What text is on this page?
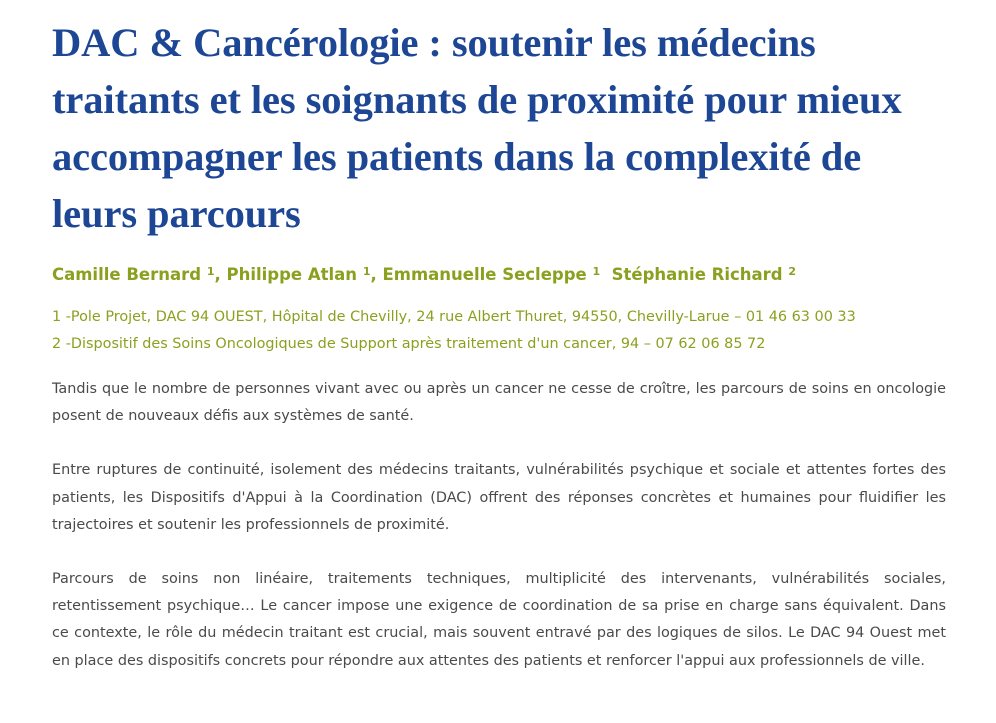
DAC & Cancérologie : soutenir les médecins traitants et les soignants de proximité pour mieux accompagner les patients dans la complexité de leurs parcours
Camille Bernard $^1$, Philippe Atlan $^1$, Emmanuelle Secleppe $^1$ Stéphanie Richard $^2$
1 -Pole Projet, DAC 94 OUEST, Hôpital de Chevilly, 24 rue Albert Thuret, 94550, Chevilly-Larue – 01 46 63 00 33
2 -Dispositif des Soins Oncologiques de Support après traitement d'un cancer, 94 – 07 62 06 85 72

Tandis que le nombre de personnes vivant avec ou après un cancer ne cesse de croître, les parcours de soins en oncologie posent de nouveaux défis aux systèmes de santé.

Entre ruptures de continuité, isolement des médecins traitants, vulnérabilités psychique et sociale et attentes fortes des patients, les Dispositifs d'Appui à la Coordination (DAC) offrent des réponses concrètes et humaines pour fluidifier les trajectoires et soutenir les professionnels de proximité.

Parcours de soins non linéaire, traitements techniques, multiplicité des intervenants, vulnérabilités sociales, retentissement psychique… Le cancer impose une exigence de coordination de sa prise en charge sans équivalent. Dans ce contexte, le rôle du médecin traitant est crucial, mais souvent entravé par des logiques de silos. Le DAC 94 Ouest met en place des dispositifs concrets pour répondre aux attentes des patients et renforcer l'appui aux professionnels de ville.
